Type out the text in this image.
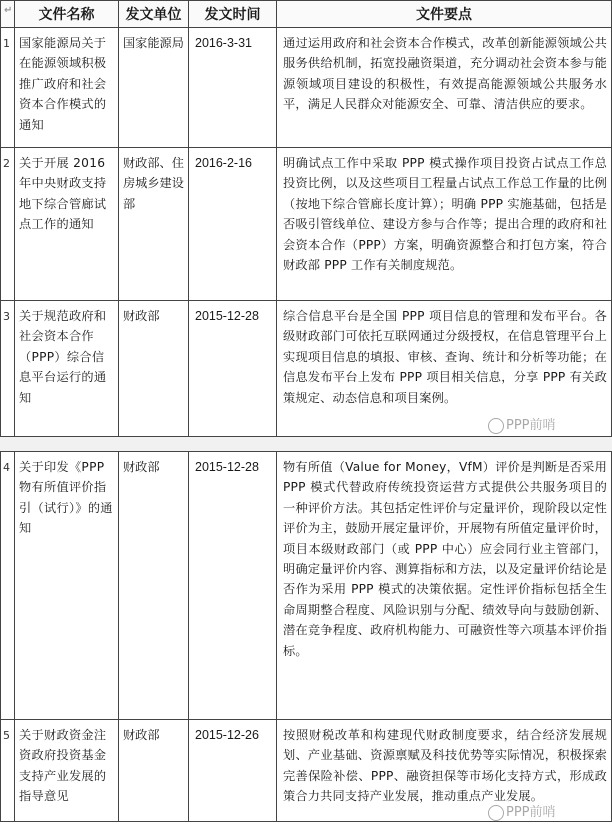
↵	文件名称	发文单位	发文时间	文件要点
1	国家能源局关于在能源领域积极推广政府和社会资本合作模式的通知	国家能源局	2016-3-31	通过运用政府和社会资本合作模式，改革创新能源领域公共服务供给机制，拓宽投融资渠道，充分调动社会资本参与能源领域项目建设的积极性，有效提高能源领域公共服务水平，满足人民群众对能源安全、可靠、清洁供应的要求。
2	关于开展 2016 年中央财政支持地下综合管廊试点工作的通知	财政部、住房城乡建设部	2016-2-16	明确试点工作中采取 PPP 模式操作项目投资占试点工作总投资比例，以及这些项目工程量占试点工作总工作量的比例（按地下综合管廊长度计算）；明确 PPP 实施基础，包括是否吸引管线单位、建设方参与合作等；提出合理的政府和社会资本合作（PPP）方案，明确资源整合和打包方案，符合财政部 PPP 工作有关制度规范。
3	关于规范政府和社会资本合作（PPP）综合信息平台运行的通知	财政部	2015-12-28	综合信息平台是全国 PPP 项目信息的管理和发布平台。各级财政部门可依托互联网通过分级授权，在信息管理平台上实现项目信息的填报、审核、查询、统计和分析等功能；在信息发布平台上发布 PPP 项目相关信息，分享 PPP 有关政策规定、动态信息和项目案例。
4	关于印发《PPP 物有所值评价指引（试行）》的通知	财政部	2015-12-28	物有所值（Value for Money，VfM）评价是判断是否采用 PPP 模式代替政府传统投资运营方式提供公共服务项目的一种评价方法。其包括定性评价与定量评价，现阶段以定性评价为主，鼓励开展定量评价，开展物有所值定量评价时，项目本级财政部门（或 PPP 中心）应会同行业主管部门，明确定量评价内容、测算指标和方法，以及定量评价结论是否作为采用 PPP 模式的决策依据。定性评价指标包括全生命周期整合程度、风险识别与分配、绩效导向与鼓励创新、潜在竞争程度、政府机构能力、可融资性等六项基本评价指标。
5	关于财政资金注资政府投资基金支持产业发展的指导意见	财政部	2015-12-26	按照财税改革和构建现代财政制度要求，结合经济发展规划、产业基础、资源禀赋及科技优势等实际情况，积极探索完善保险补偿、PPP、融资担保等市场化支持方式，形成政策合力共同支持产业发展，推动重点产业发展。
PPP前哨
PPP前哨
